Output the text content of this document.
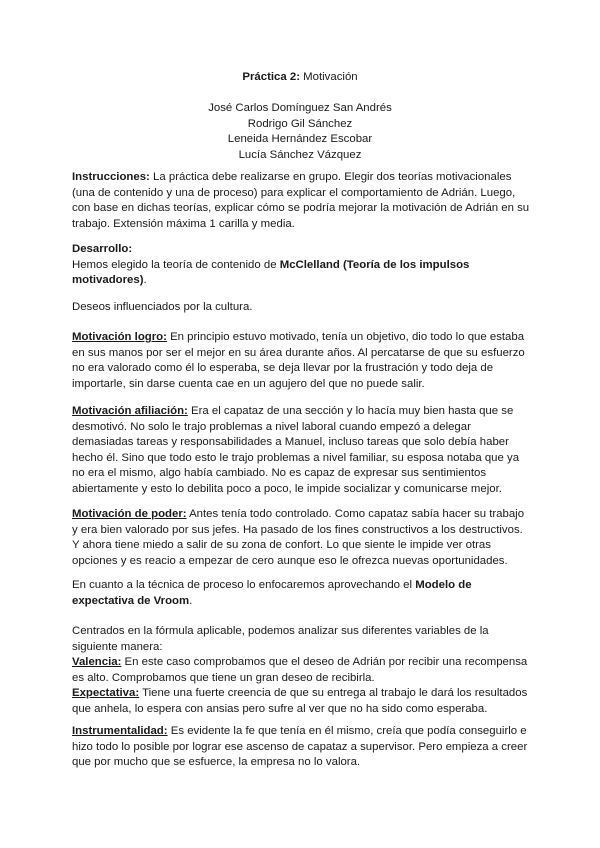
Práctica 2: Motivación
José Carlos Domínguez San Andrés
Rodrigo Gil Sánchez
Leneida Hernández Escobar
Lucía Sánchez Vázquez

Instrucciones: La práctica debe realizarse en grupo. Elegir dos teorías motivacionales (una de contenido y una de proceso) para explicar el comportamiento de Adrián. Luego, con base en dichas teorías, explicar cómo se podría mejorar la motivación de Adrián en su trabajo. Extensión máxima 1 carilla y media.

Desarrollo:

Hemos elegido la teoría de contenido de McClelland (Teoría de los impulsos motivadores).

Deseos influenciados por la cultura.

Motivación logro: En principio estuvo motivado, tenía un objetivo, dio todo lo que estaba en sus manos por ser el mejor en su área durante años. Al percatarse de que su esfuerzo no era valorado como él lo esperaba, se deja llevar por la frustración y todo deja de importarle, sin darse cuenta cae en un agujero del que no puede salir.

Motivación afiliación: Era el capataz de una sección y lo hacía muy bien hasta que se desmotivó. No solo le trajo problemas a nivel laboral cuando empezó a delegar demasiadas tareas y responsabilidades a Manuel, incluso tareas que solo debía haber hecho él. Sino que todo esto le trajo problemas a nivel familiar, su esposa notaba que ya no era el mismo, algo había cambiado. No es capaz de expresar sus sentimientos abiertamente y esto lo debilita poco a poco, le impide socializar y comunicarse mejor.

Motivación de poder: Antes tenía todo controlado. Como capataz sabía hacer su trabajo y era bien valorado por sus jefes. Ha pasado de los fines constructivos a los destructivos. Y ahora tiene miedo a salir de su zona de confort. Lo que siente le impide ver otras opciones y es reacio a empezar de cero aunque eso le ofrezca nuevas oportunidades.

En cuanto a la técnica de proceso lo enfocaremos aprovechando el Modelo de expectativa de Vroom.

Centrados en la fórmula aplicable, podemos analizar sus diferentes variables de la siguiente manera:

Valencia: En este caso comprobamos que el deseo de Adrián por recibir una recompensa es alto. Comprobamos que tiene un gran deseo de recibirla.

Expectativa: Tiene una fuerte creencia de que su entrega al trabajo le dará los resultados que anhela, lo espera con ansias pero sufre al ver que no ha sido como esperaba.

Instrumentalidad: Es evidente la fe que tenía en él mismo, creía que podía conseguirlo e hizo todo lo posible por lograr ese ascenso de capataz a supervisor. Pero empieza a creer que por mucho que se esfuerce, la empresa no lo valora.
